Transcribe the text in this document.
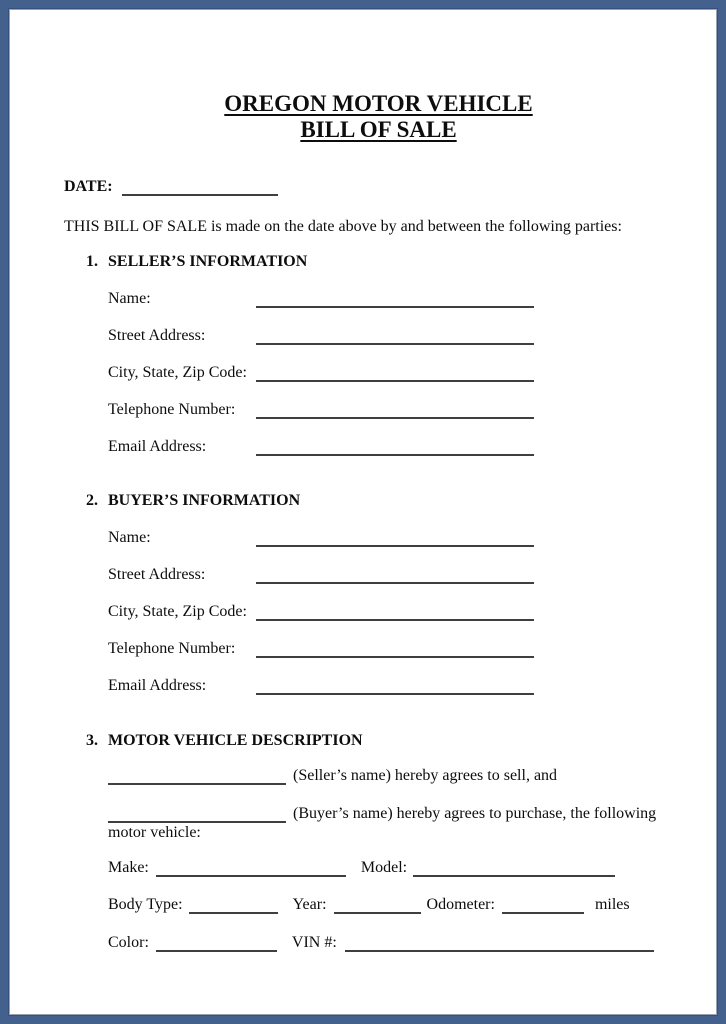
OREGON MOTOR VEHICLE
BILL OF SALE
DATE:
THIS BILL OF SALE is made on the date above by and between the following parties:
1. SELLER’S INFORMATION
Name:
Street Address:
City, State, Zip Code:
Telephone Number:
Email Address:
2. BUYER’S INFORMATION
Name:
Street Address:
City, State, Zip Code:
Telephone Number:
Email Address:
3. MOTOR VEHICLE DESCRIPTION
(Seller’s name) hereby agrees to sell, and
(Buyer’s name) hereby agrees to purchase, the following
motor vehicle:
Make:	Model:
Body Type:	Year:	Odometer:	miles
Color:	VIN #:
